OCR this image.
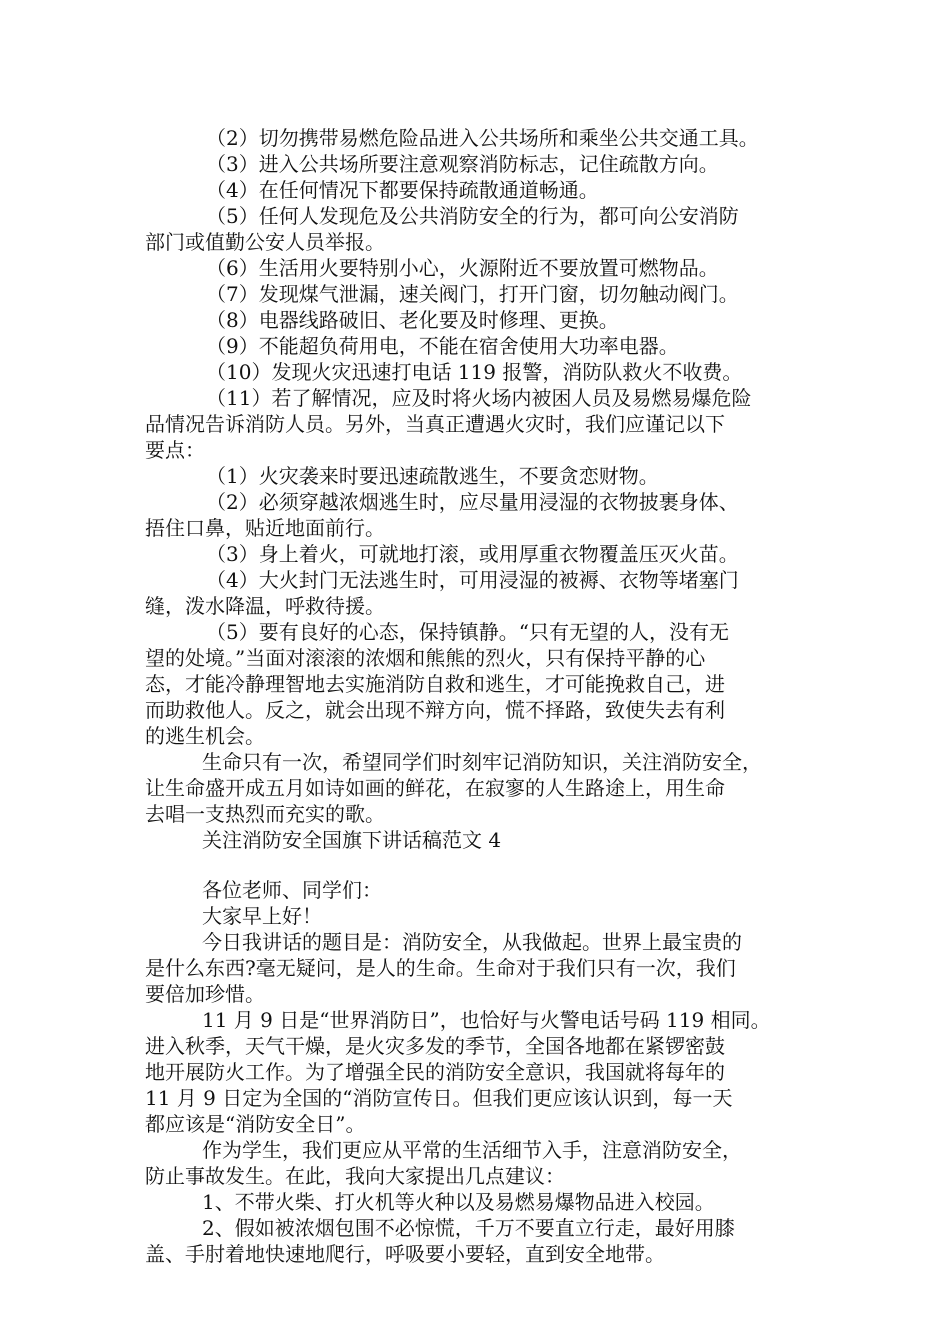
（2）切勿携带易燃危险品进入公共场所和乘坐公共交通工具。
（3）进入公共场所要注意观察消防标志，记住疏散方向。
（4）在任何情况下都要保持疏散通道畅通。
（5）任何人发现危及公共消防安全的行为，都可向公安消防
部门或值勤公安人员举报。
（6）生活用火要特别小心，火源附近不要放置可燃物品。
（7）发现煤气泄漏，速关阀门，打开门窗，切勿触动阀门。
（8）电器线路破旧、老化要及时修理、更换。
（9）不能超负荷用电，不能在宿舍使用大功率电器。
（10）发现火灾迅速打电话 119 报警，消防队救火不收费。
（11）若了解情况，应及时将火场内被困人员及易燃易爆危险
品情况告诉消防人员。另外，当真正遭遇火灾时，我们应谨记以下
要点：
（1）火灾袭来时要迅速疏散逃生，不要贪恋财物。
（2）必须穿越浓烟逃生时，应尽量用浸湿的衣物披裹身体、
捂住口鼻，贴近地面前行。
（3）身上着火，可就地打滚，或用厚重衣物覆盖压灭火苗。
（4）大火封门无法逃生时，可用浸湿的被褥、衣物等堵塞门
缝，泼水降温，呼救待援。
（5）要有良好的心态，保持镇静。“只有无望的人，没有无
望的处境。”当面对滚滚的浓烟和熊熊的烈火，只有保持平静的心
态，才能冷静理智地去实施消防自救和逃生，才可能挽救自己，进
而助救他人。反之，就会出现不辩方向，慌不择路，致使失去有利
的逃生机会。
生命只有一次，希望同学们时刻牢记消防知识，关注消防安全，
让生命盛开成五月如诗如画的鲜花，在寂寥的人生路途上，用生命
去唱一支热烈而充实的歌。
关注消防安全国旗下讲话稿范文 4
各位老师、同学们：
大家早上好！
今日我讲话的题目是：消防安全，从我做起。世界上最宝贵的
是什么东西?毫无疑问，是人的生命。生命对于我们只有一次，我们
要倍加珍惜。
11 月 9 日是“世界消防日”，也恰好与火警电话号码 119 相同。
进入秋季，天气干燥，是火灾多发的季节，全国各地都在紧锣密鼓
地开展防火工作。为了增强全民的消防安全意识，我国就将每年的
11 月 9 日定为全国的“消防宣传日。但我们更应该认识到，每一天
都应该是“消防安全日”。
作为学生，我们更应从平常的生活细节入手，注意消防安全，
防止事故发生。在此，我向大家提出几点建议：
1、不带火柴、打火机等火种以及易燃易爆物品进入校园。
2、假如被浓烟包围不必惊慌，千万不要直立行走，最好用膝
盖、手肘着地快速地爬行，呼吸要小要轻，直到安全地带。
